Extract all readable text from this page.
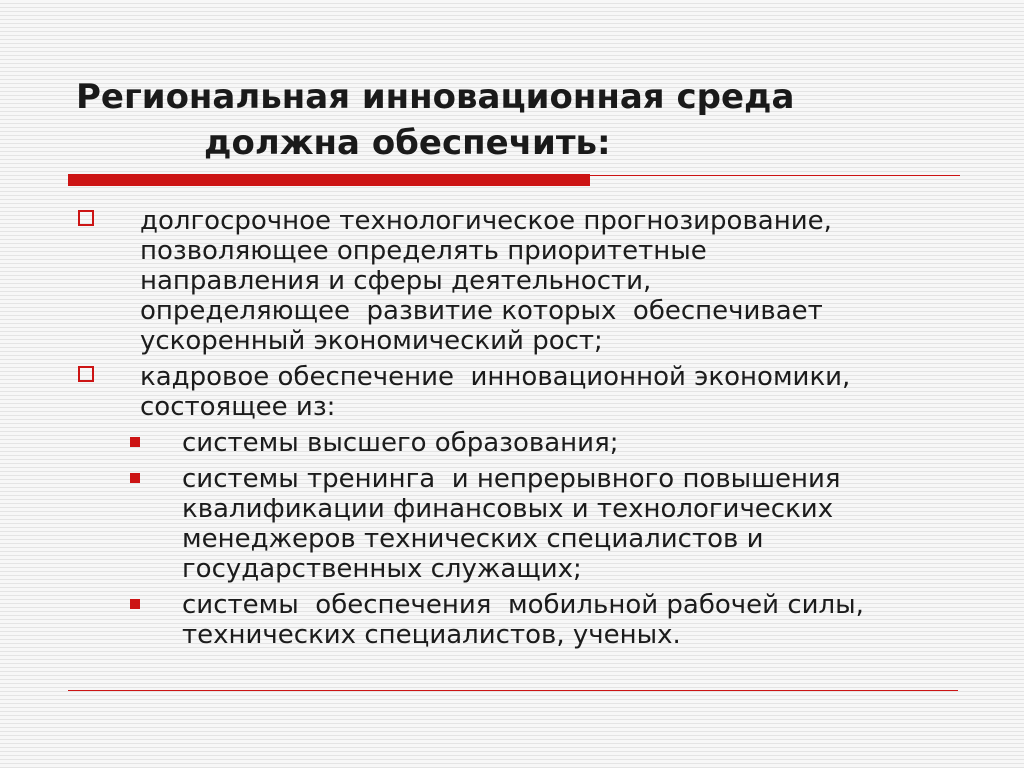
Региональная инновационная среда
должна обеспечить:
долгосрочное технологическое прогнозирование,
позволяющее определять приоритетные
направления и сферы деятельности,
определяющее  развитие которых  обеспечивает
ускоренный экономический рост;
кадровое обеспечение  инновационной экономики,
состоящее из:
системы высшего образования;
системы тренинга  и непрерывного повышения
квалификации финансовых и технологических
менеджеров технических специалистов и
государственных служащих;
системы  обеспечения  мобильной рабочей силы,
технических специалистов, ученых.
